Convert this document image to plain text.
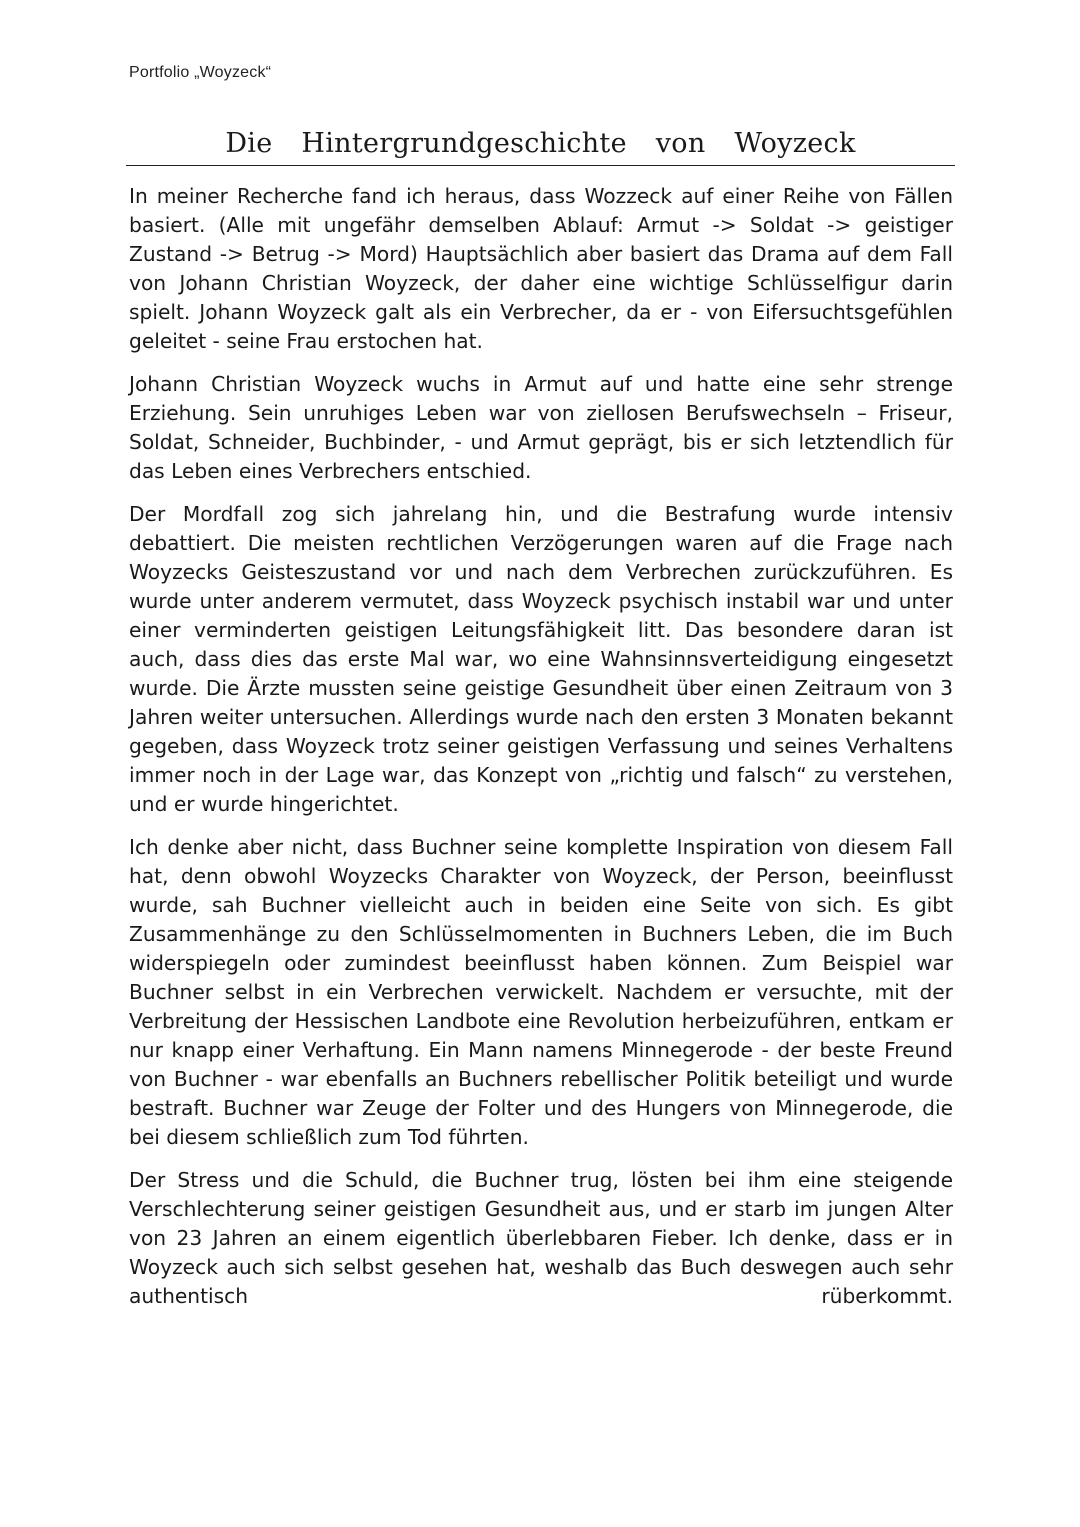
Portfolio „Woyzeck“
Die Hintergrundgeschichte von Woyzeck

In meiner Recherche fand ich heraus, dass Wozzeck auf einer Reihe von Fällen basiert. (Alle mit ungefähr demselben Ablauf: Armut -> Soldat -> geistiger Zustand -> Betrug -> Mord) Hauptsächlich aber basiert das Drama auf dem Fall von Johann Christian Woyzeck, der daher eine wichtige Schlüsselfigur darin spielt. Johann Woyzeck galt als ein Verbrecher, da er - von Eifersuchtsgefühlen geleitet - seine Frau erstochen hat.

Johann Christian Woyzeck wuchs in Armut auf und hatte eine sehr strenge Erziehung. Sein unruhiges Leben war von ziellosen Berufswechseln – Friseur, Soldat, Schneider, Buchbinder, - und Armut geprägt, bis er sich letztendlich für das Leben eines Verbrechers entschied.

Der Mordfall zog sich jahrelang hin, und die Bestrafung wurde intensiv debattiert. Die meisten rechtlichen Verzögerungen waren auf die Frage nach Woyzecks Geisteszustand vor und nach dem Verbrechen zurückzuführen. Es wurde unter anderem vermutet, dass Woyzeck psychisch instabil war und unter einer verminderten geistigen Leitungsfähigkeit litt. Das besondere daran ist auch, dass dies das erste Mal war, wo eine Wahnsinnsverteidigung eingesetzt wurde. Die Ärzte mussten seine geistige Gesundheit über einen Zeitraum von 3 Jahren weiter untersuchen. Allerdings wurde nach den ersten 3 Monaten bekannt gegeben, dass Woyzeck trotz seiner geistigen Verfassung und seines Verhaltens immer noch in der Lage war, das Konzept von „richtig und falsch“ zu verstehen, und er wurde hingerichtet.

Ich denke aber nicht, dass Buchner seine komplette Inspiration von diesem Fall hat, denn obwohl Woyzecks Charakter von Woyzeck, der Person, beeinflusst wurde, sah Buchner vielleicht auch in beiden eine Seite von sich. Es gibt Zusammenhänge zu den Schlüsselmomenten in Buchners Leben, die im Buch widerspiegeln oder zumindest beeinflusst haben können. Zum Beispiel war Buchner selbst in ein Verbrechen verwickelt. Nachdem er versuchte, mit der Verbreitung der Hessischen Landbote eine Revolution herbeizuführen, entkam er nur knapp einer Verhaftung. Ein Mann namens Minnegerode - der beste Freund von Buchner - war ebenfalls an Buchners rebellischer Politik beteiligt und wurde bestraft. Buchner war Zeuge der Folter und des Hungers von Minnegerode, die bei diesem schließlich zum Tod führten.

Der Stress und die Schuld, die Buchner trug, lösten bei ihm eine steigende Verschlechterung seiner geistigen Gesundheit aus, und er starb im jungen Alter von 23 Jahren an einem eigentlich überlebbaren Fieber. Ich denke, dass er in Woyzeck auch sich selbst gesehen hat, weshalb das Buch deswegen auch sehr authentisch rüberkommt.
